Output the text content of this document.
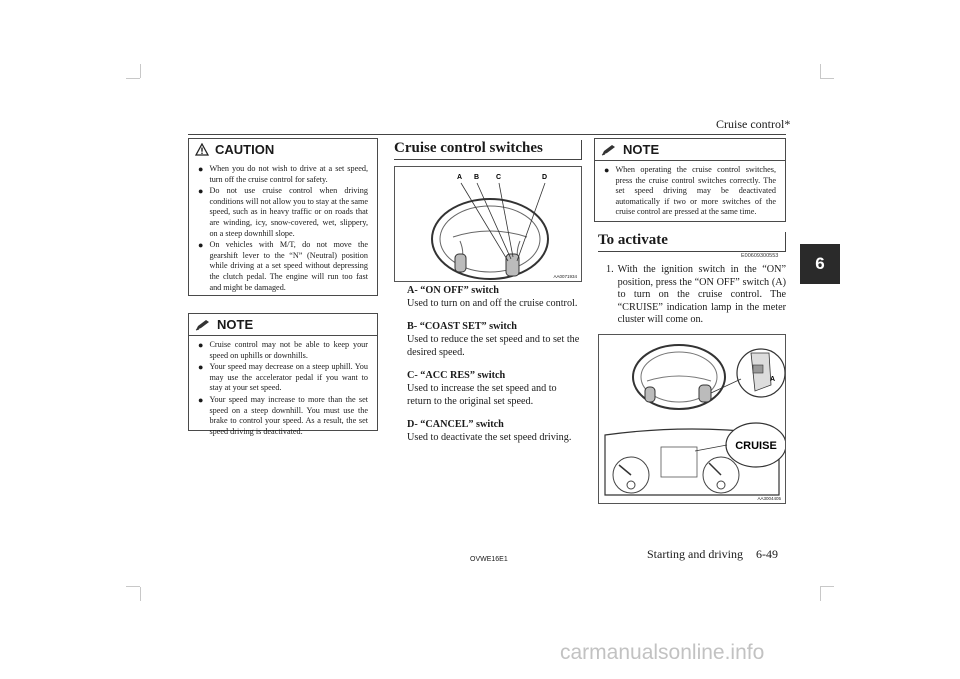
Cruise control*
6
CAUTION
● When you do not wish to drive at a set speed, turn off the cruise control for safety.
● Do not use cruise control when driving conditions will not allow you to stay at the same speed, such as in heavy traffic or on roads that are winding, icy, snow-covered, wet, slippery, on a steep downhill slope.
● On vehicles with M/T, do not move the gearshift lever to the “N” (Neutral) position while driving at a set speed without depressing the clutch pedal. The engine will run too fast and might be damaged.
NOTE
● Cruise control may not be able to keep your speed on uphills or downhills.
● Your speed may decrease on a steep uphill. You may use the accelerator pedal if you want to stay at your set speed.
● Your speed may increase to more than the set speed on a steep downhill. You must use the brake to control your speed. As a result, the set speed driving is deactivated.
Cruise control switches
A B C	D
AA0071934
A- “ON OFF” switch
Used to turn on and off the cruise control.
B- “COAST SET” switch
Used to reduce the set speed and to set the desired speed.
C- “ACC RES” switch
Used to increase the set speed and to return to the original set speed.
D- “CANCEL” switch
Used to deactivate the set speed driving.
NOTE
● When operating the cruise control switches, press the cruise control switches correctly. The set speed driving may be deactivated automatically if two or more switches of the cruise control are pressed at the same time.
To activate
E00609300553
1. With the ignition switch in the “ON” position, press the “ON OFF” switch (A) to turn on the cruise control. The “CRUISE” indication lamp in the meter cluster will come on.
A
CRUISE
AA3004405
OVWE16E1	Starting and driving 6-49
carmanualsonline.info
